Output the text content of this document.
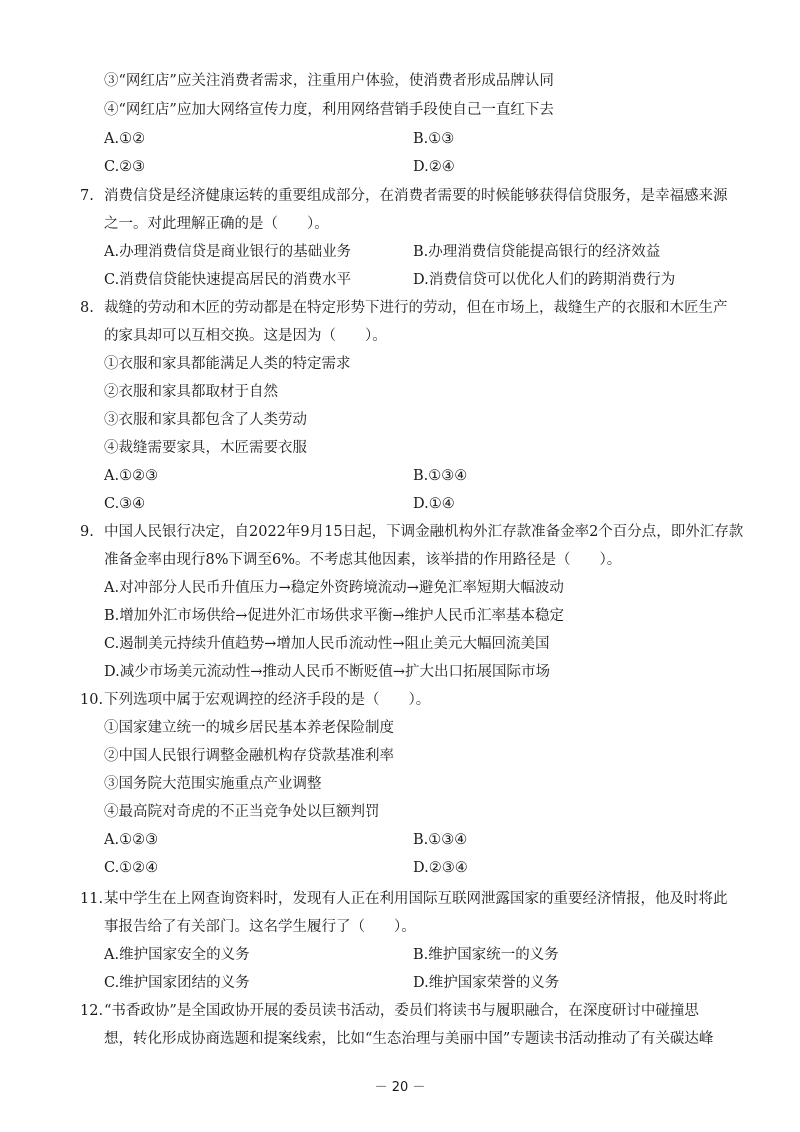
③“网红店”应关注消费者需求，注重用户体验，使消费者形成品牌认同
④“网红店”应加大网络宣传力度，利用网络营销手段使自己一直红下去
A.①②	B.①③
C.②③	D.②④
7. 消费信贷是经济健康运转的重要组成部分，在消费者需要的时候能够获得信贷服务，是幸福感来源
之一。对此理解正确的是（　　）。
A.办理消费信贷是商业银行的基础业务	B.办理消费信贷能提高银行的经济效益
C.消费信贷能快速提高居民的消费水平	D.消费信贷可以优化人们的跨期消费行为
8. 裁缝的劳动和木匠的劳动都是在特定形势下进行的劳动，但在市场上，裁缝生产的衣服和木匠生产
的家具却可以互相交换。这是因为（　　）。
①衣服和家具都能满足人类的特定需求
②衣服和家具都取材于自然
③衣服和家具都包含了人类劳动
④裁缝需要家具，木匠需要衣服
A.①②③	B.①③④
C.③④	D.①④
9. 中国人民银行决定，自2022年9月15日起，下调金融机构外汇存款准备金率2个百分点，即外汇存款
准备金率由现行8%下调至6%。不考虑其他因素，该举措的作用路径是（　　）。
A.对冲部分人民币升值压力→稳定外资跨境流动→避免汇率短期大幅波动
B.增加外汇市场供给→促进外汇市场供求平衡→维护人民币汇率基本稳定
C.遏制美元持续升值趋势→增加人民币流动性→阻止美元大幅回流美国
D.减少市场美元流动性→推动人民币不断贬值→扩大出口拓展国际市场
10. 下列选项中属于宏观调控的经济手段的是（　　）。
①国家建立统一的城乡居民基本养老保险制度
②中国人民银行调整金融机构存贷款基准利率
③国务院大范围实施重点产业调整
④最高院对奇虎的不正当竞争处以巨额判罚
A.①②③	B.①③④
C.①②④	D.②③④
11. 某中学生在上网查询资料时，发现有人正在利用国际互联网泄露国家的重要经济情报，他及时将此
事报告给了有关部门。这名学生履行了（　　）。
A.维护国家安全的义务	B.维护国家统一的义务
C.维护国家团结的义务	D.维护国家荣誉的义务
12. “书香政协”是全国政协开展的委员读书活动，委员们将读书与履职融合，在深度研讨中碰撞思
想，转化形成协商选题和提案线索，比如“生态治理与美丽中国”专题读书活动推动了有关碳达峰
－ 20 －
